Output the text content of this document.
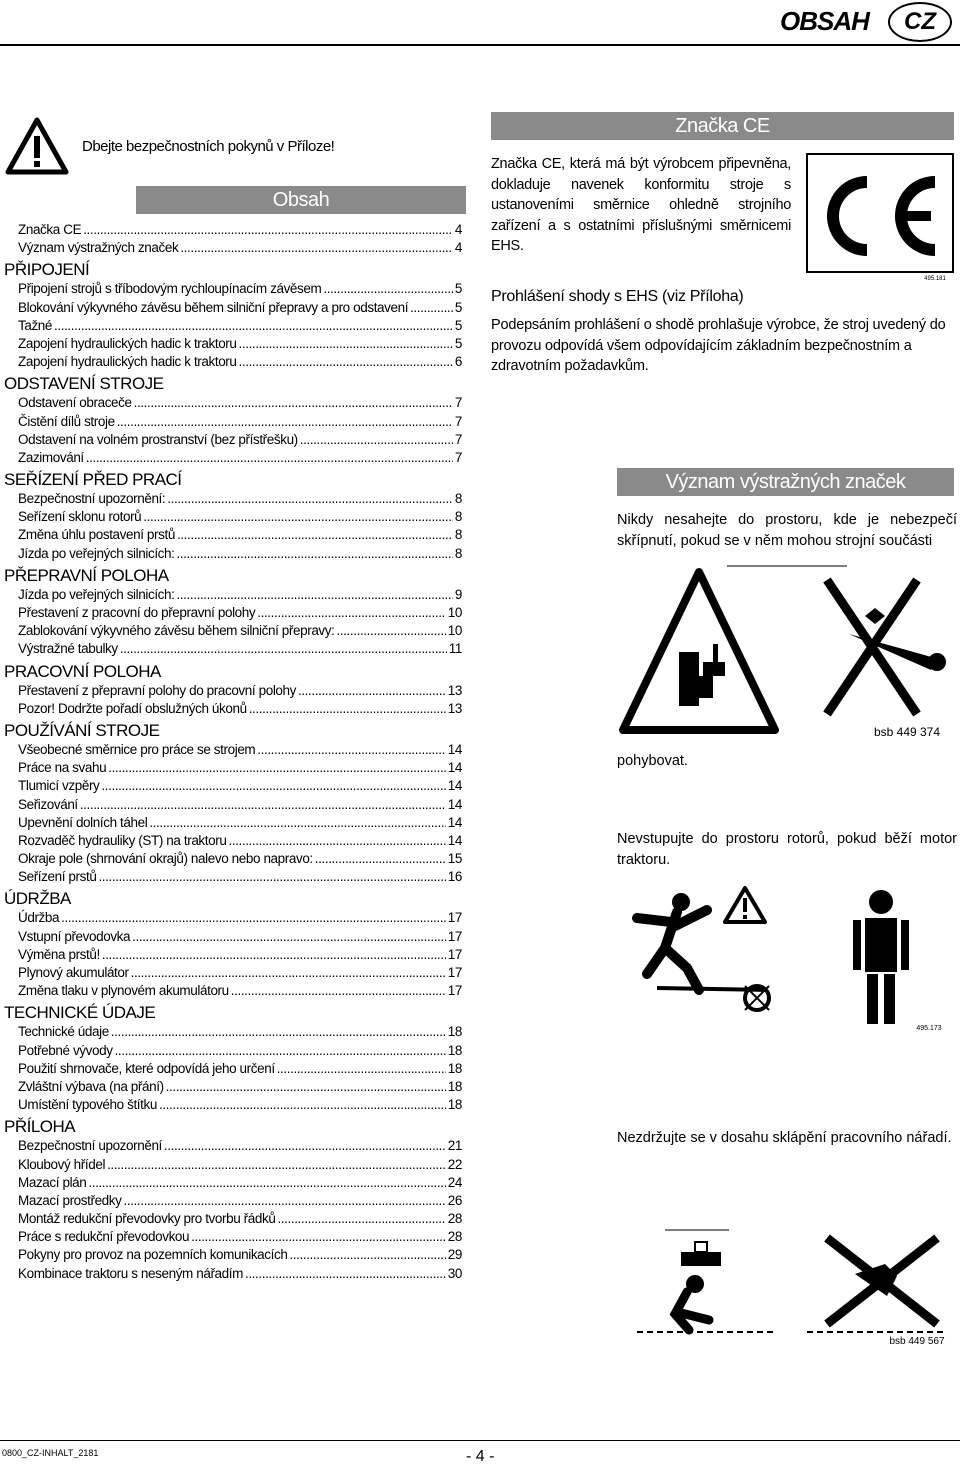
OBSAH	CZ
Dbejte bezpečnostních pokynů v Příloze!
Obsah
Značka CE .....	4
Význam výstražných značek .....	4
PŘIPOJENÍ
Připojení strojů s tříbodovým rychloupínacím závěsem .....	5
Blokování výkyvného závěsu během silniční přepravy a pro odstavení .....	5
Tažné .....	5
Zapojení hydraulických hadic k traktoru .....	5
Zapojení hydraulických hadic k traktoru .....	6
ODSTAVENÍ STROJE
Odstavení obraceče .....	7
Čistění dílů stroje .....	7
Odstavení na volném prostranství (bez přístřešku) .....	7
Zazimování .....	7
SEŘÍZENÍ PŘED PRACÍ
Bezpečnostní upozornění: .....	8
Seřízení sklonu rotorů .....	8
Změna úhlu postavení prstů .....	8
Jízda po veřejných silnicích: .....	8
PŘEPRAVNÍ POLOHA
Jízda po veřejných silnicích: .....	9
Přestavení z pracovní do přepravní polohy .....	10
Zablokování výkyvného závěsu během silniční přepravy: .....	10
Výstražné tabulky .....	11
PRACOVNÍ POLOHA
Přestavení z přepravní polohy do pracovní polohy .....	13
Pozor! Dodržte pořadí obslužných úkonů .....	13
POUŽÍVÁNÍ STROJE
Všeobecné směrnice pro práce se strojem .....	14
Práce na svahu .....	14
Tlumicí vzpěry .....	14
Seřizování .....	14
Upevnění dolních táhel .....	14
Rozvaděč hydrauliky (ST) na traktoru .....	14
Okraje pole (shrnování okrajů) nalevo nebo napravo: .....	15
Seřízení prstů .....	16
ÚDRŽBA
Údržba .....	17
Vstupní převodovka .....	17
Výměna prstů! .....	17
Plynový akumulátor .....	17
Změna tlaku v plynovém akumulátoru .....	17
TECHNICKÉ ÚDAJE
Technické údaje .....	18
Potřebné vývody .....	18
Použití shrnovače, které odpovídá jeho určení .....	18
Zvláštní výbava (na přání) .....	18
Umístění typového štítku .....	18
PŘÍLOHA
Bezpečnostní upozornění .....	21
Kloubový hřídel .....	22
Mazací plán .....	24
Mazací prostředky .....	26
Montáž redukční převodovky pro tvorbu řádků .....	28
Práce s redukční převodovkou .....	28
Pokyny pro provoz na pozemních komunikacích .....	29
Kombinace traktoru s neseným nářadím .....	30
Značka CE
Značka CE, která má být výrobcem připevněna, dokladuje navenek konformitu stroje s ustanoveními směrnice ohledně strojního zařízení a s ostatními příslušnými směrnicemi EHS.
495.181
Prohlášení shody s EHS (viz Příloha)
Podepsáním prohlášení o shodě prohlašuje výrobce, že stroj uvedený do provozu odpovídá všem odpovídajícím základním bezpečnostním a zdravotním požadavkům.
Význam výstražných značek
Nikdy nesahejte do prostoru, kde je nebezpečí skřípnutí, pokud se v něm mohou strojní součásti
bsb 449 374
pohybovat.
Nevstupujte do prostoru rotorů, pokud běží motor traktoru.
495.173
Nezdržujte se v dosahu sklápění pracovního nářadí.
bsb 449 567
0800_CZ-INHALT_2181	- 4 -
